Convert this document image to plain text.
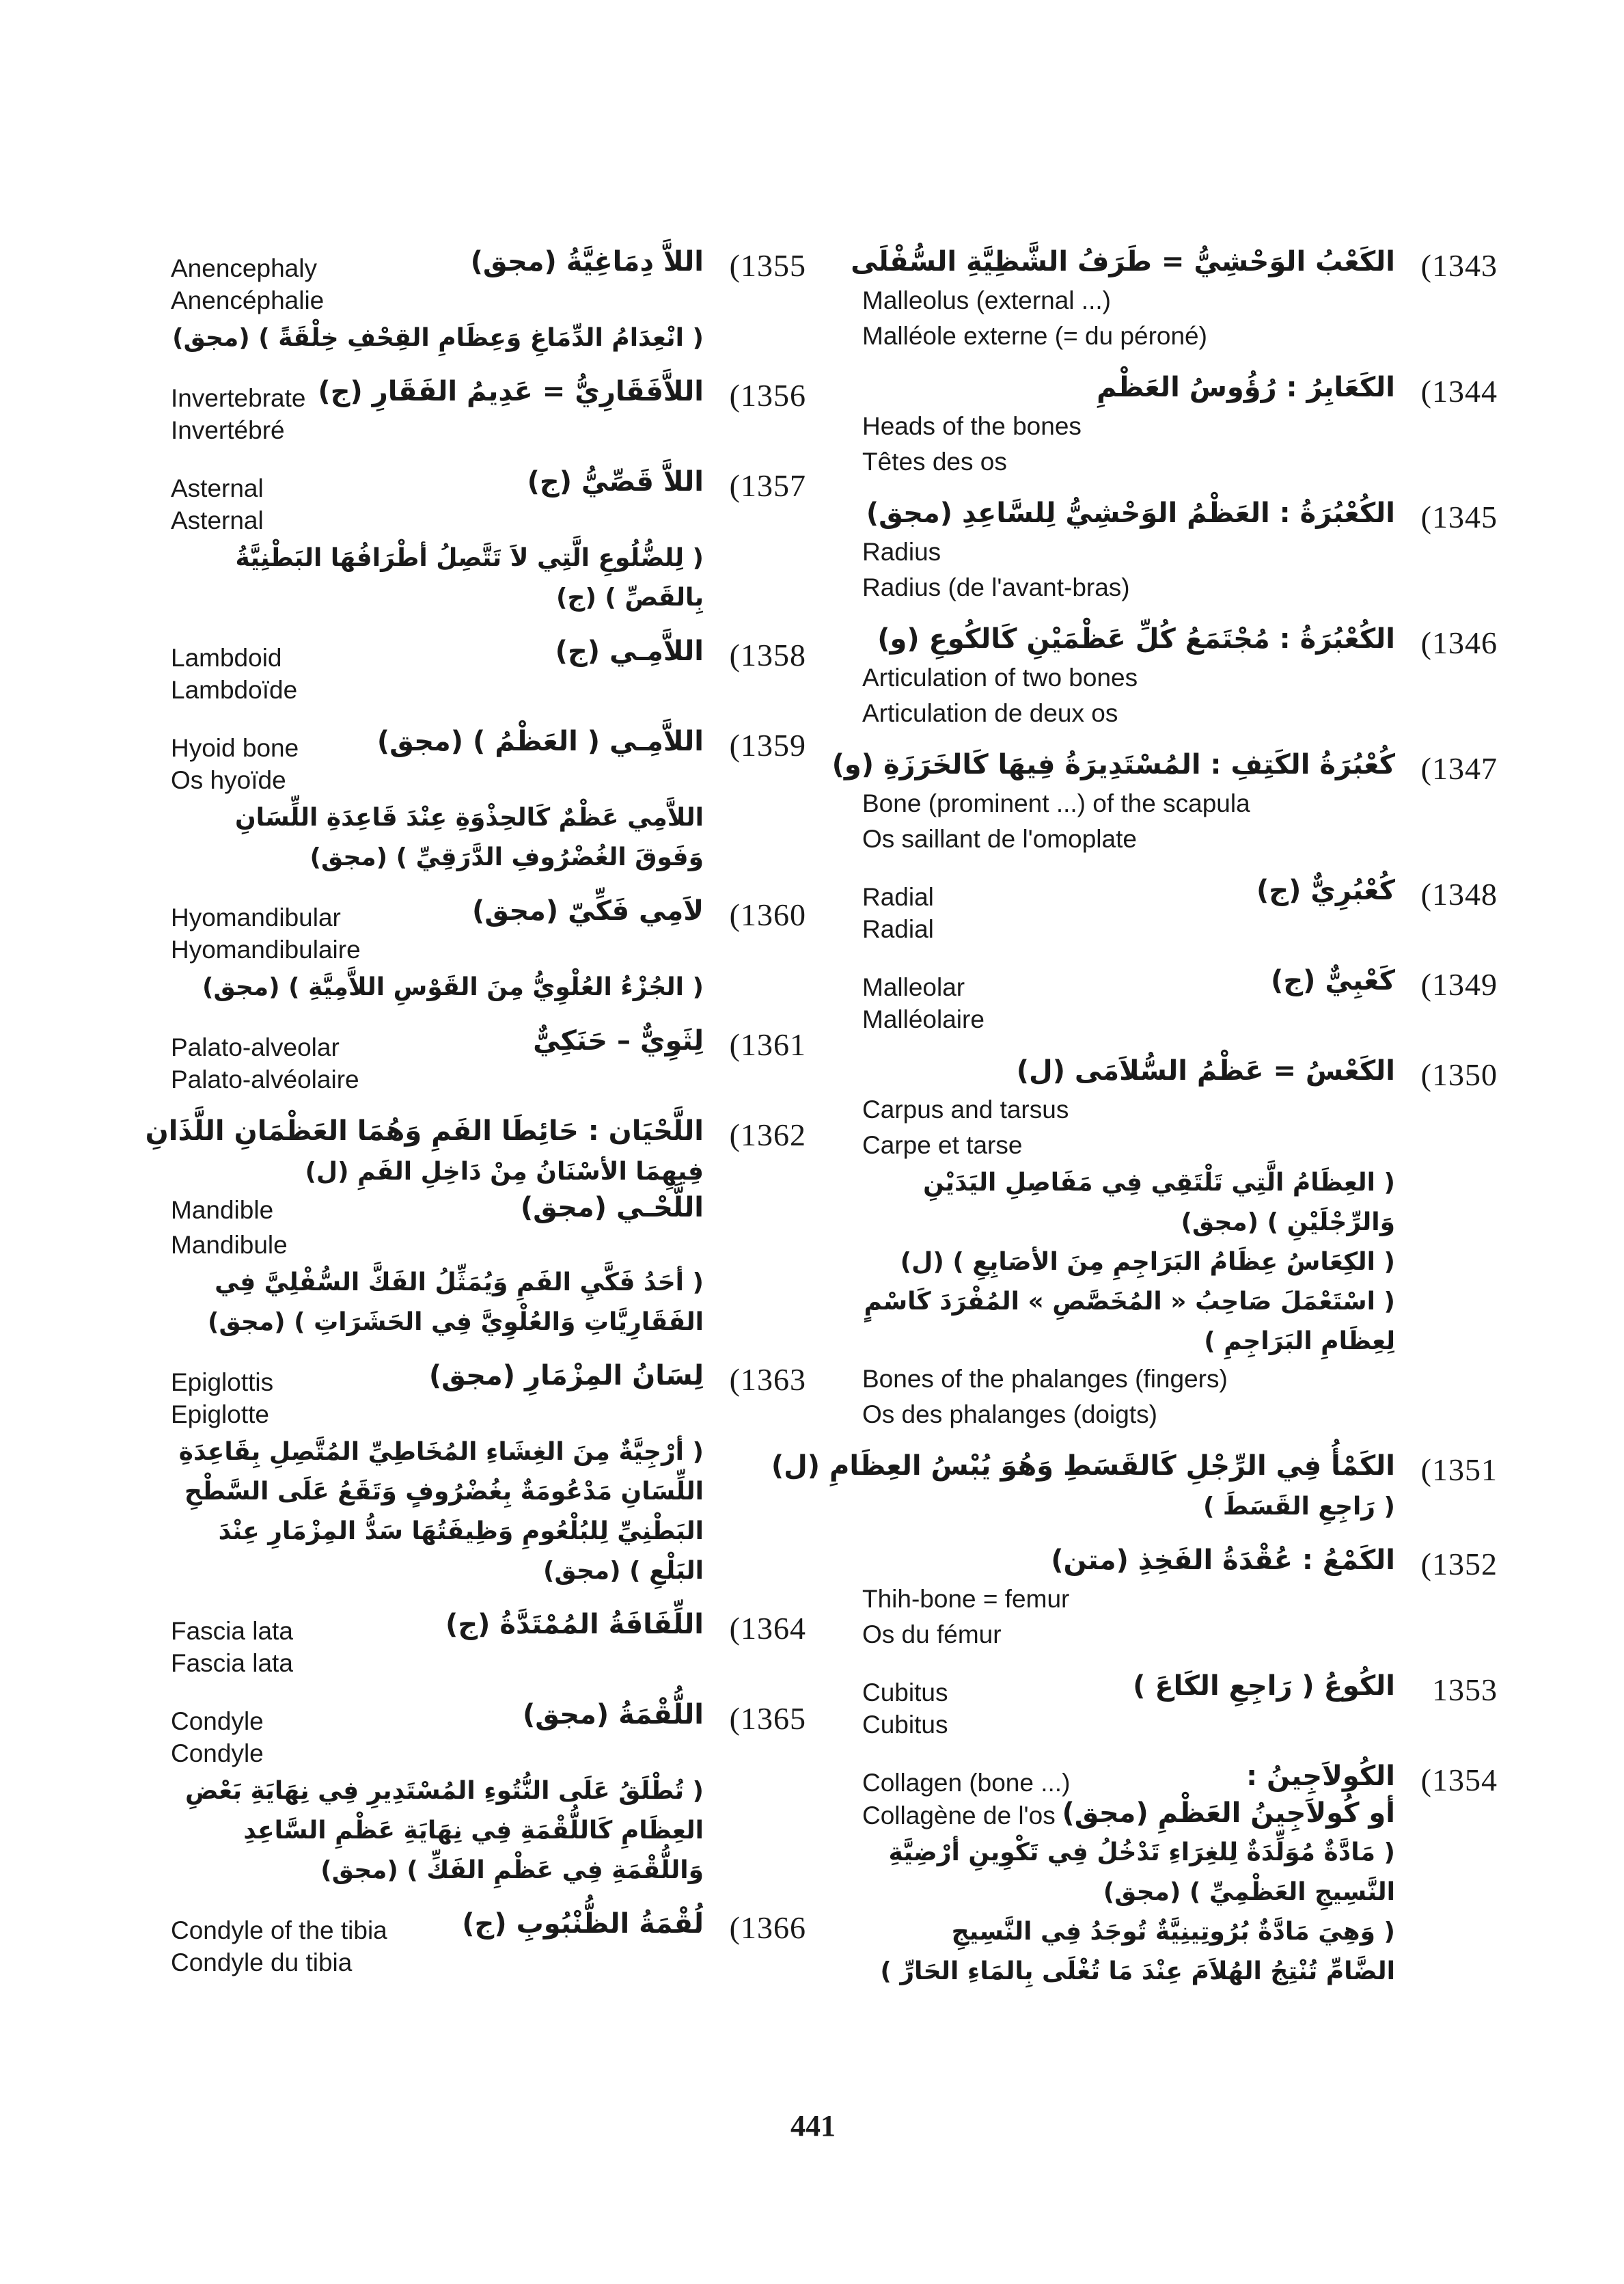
(1355
اللاَّ دِمَاغِيَّةُ (مجق)
Anencephaly
Anencéphalie
( انْعِدَامُ الدِّمَاغِ وَعِظَامِ القِحْفِ خِلْقَةً ) (مجق)
(1356
اللاَّفَقَارِيُّ = عَدِيمُ الفَقَارِ (ج)
Invertebrate
Invertébré
(1357
اللاَّ قَصِّيُّ (ج)
Asternal
Asternal
( لِلضُّلُوعِ الَّتِي لاَ تَتَّصِلُ أطْرَافُهَا البَطْنِيَّةُ
بِالقَصِّ ) (ج)
(1358
اللاَّمِـي (ج)
Lambdoid
Lambdoïde
(1359
اللاَّمِـي ( العَظْمُ ) (مجق)
Hyoid bone
Os hyoïde
اللاَّمِي عَظْمٌ كَالحِذْوَةِ عِنْدَ قَاعِدَةِ اللِّسَانِ
وَفَوقَ الغُضْرُوفِ الدَّرَقِيِّ ) (مجق)
(1360
لاَمِي فَكِّيّ (مجق)
Hyomandibular
Hyomandibulaire
( الجُزْءُ العُلْوِيُّ مِنَ القَوْسِ اللاَّمِيَّةِ ) (مجق)
(1361
لِثَوِيٌّ – حَنَكِيٌّ
Palato-alveolar
Palato-alvéolaire
(1362
اللَّحْيَان : حَائِطَا الفَمِ وَهُمَا العَظْمَانِ اللَّذَانِ
فِيهِمَا الأسْنَانُ مِنْ دَاخِلِ الفَمِ (ل)
Mandible	اللَّحْـي (مجق)
Mandibule
( أحَدُ فَكَّيِ الفَمِ وَيُمَثِّلُ الفَكَّ السُّفْلِيَّ فِي
الفَقَارِيَّاتِ وَالعُلْوِيَّ فِي الحَشَرَاتِ ) (مجق)
(1363
لِسَانُ المِزْمَارِ (مجق)
Epiglottis
Epiglotte
( أرْجِيَّةٌ مِنَ الغِشَاءِ المُخَاطِيِّ المُتَّصِلِ بِقَاعِدَةِ
اللِّسَانِ مَدْعُومَةٌ بِغُضْرُوفٍ وَتَقَعُ عَلَى السَّطْحِ
البَطْنِيِّ لِلبُلْعُومِ وَظِيفَتُهَا سَدُّ المِزْمَارِ عِنْدَ
البَلْعِ ) (مجق)
(1364
اللِّفَافَةُ المُمْتَدَّةُ (ج)
Fascia lata
Fascia lata
(1365
اللُّقْمَةُ (مجق)
Condyle
Condyle
( تُطْلَقُ عَلَى النُّتُوءِ المُسْتَدِيرِ فِي نِهَايَةِ بَعْضِ
العِظَامِ كَاللُّقْمَةِ فِي نِهَايَةِ عَظْمِ السَّاعِدِ
وَاللُّقْمَةِ فِي عَظْمِ الفَكِّ ) (مجق)
(1366
لُقْمَةُ الظُّنْبُوبِ (ج)
Condyle of the tibia
Condyle du tibia
(1343
الكَعْبُ الوَحْشِيُّ = طَرَفُ الشَّظِيَّةِ السُّفْلَى
Malleolus (external ...)
Malléole externe (= du péroné)
(1344
الكَعَابِرُ : رُؤُوسُ العَظْمِ
Heads of the bones
Têtes des os
(1345
الكُعْبُرَةُ : العَظْمُ الوَحْشِيُّ لِلسَّاعِدِ (مجق)
Radius
Radius (de l'avant-bras)
(1346
الكُعْبُرَةُ : مُجْتَمَعُ كُلِّ عَظْمَيْنِ كَالكُوعِ (و)
Articulation of two bones
Articulation de deux os
(1347
كُعْبُرَةُ الكَتِفِ : المُسْتَدِيرَةُ فِيهَا كَالخَرَزَةِ (و)
Bone (prominent ...) of the scapula
Os saillant de l'omoplate
(1348
كُعْبُرِيٌّ (ج)
Radial
Radial
(1349
كَعْبِيٌّ (ج)
Malleolar
Malléolaire
(1350
الكَعْسُ = عَظْمُ السُّلاَمَى (ل)
Carpus and tarsus
Carpe et tarse
( العِظَامُ الَّتِي تَلْتَقِي فِي مَفَاصِلِ اليَدَيْنِ
وَالرِّجْلَيْنِ ) (مجق)
( الكِعَاسُ عِظَامُ البَرَاجِمِ مِنَ الأصَابِعِ ) (ل)
( اسْتَعْمَلَ صَاحِبُ « المُخَصَّصِ » المُفْرَدَ كَاسْمٍ
لِعِظَامِ البَرَاجِمِ )
Bones of the phalanges (fingers)
Os des phalanges (doigts)
(1351
الكَمْأُ فِي الرِّجْلِ كَالقَسَطِ وَهُوَ يُبْسُ العِظَامِ (ل)
( رَاجِعِ القَسَطَ )
(1352
الكَمْعُ : عُقْدَةُ الفَخِذِ (متن)
Thih-bone = femur
Os du fémur
1353
الكُوعُ ( رَاجِعِ الكَاعَ )
Cubitus
Cubitus
(1354
الكُولاَجِينُ :
Collagen (bone ...)
Collagène de l'os أو كُولاَجِينُ العَظْمِ (مجق)
( مَادَّةٌ مُوَلِّدَةٌ لِلغِرَاءِ تَدْخُلُ فِي تَكْوِينِ أرْضِيَّةِ
النَّسِيجِ العَظْمِيِّ ) (مجق)
( وَهِيَ مَادَّةٌ بُرُوتِينِيَّةٌ تُوجَدُ فِي النَّسِيجِ
الضَّامِّ تُنْتِجُ الهُلاَمَ عِنْدَ مَا تُغْلَى بِالمَاءِ الحَارِّ )
441
